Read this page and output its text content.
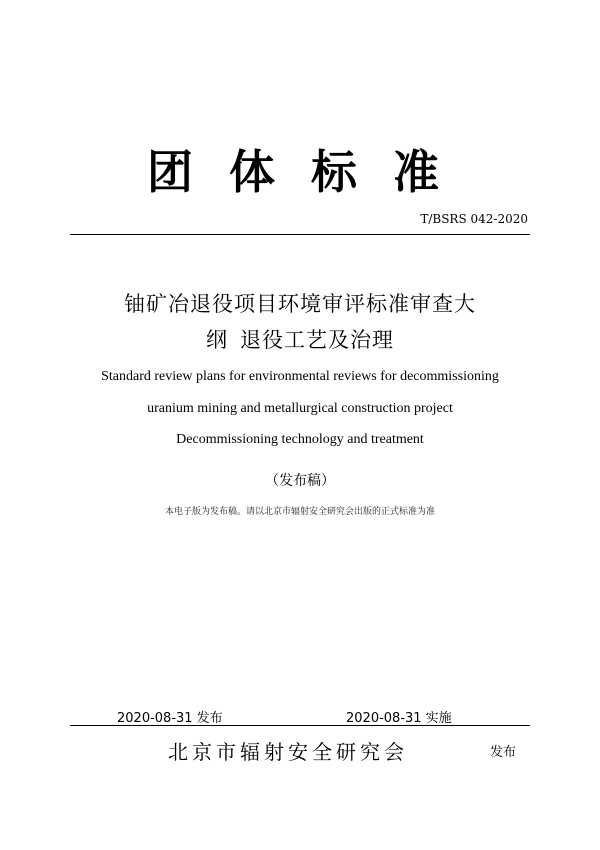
团体标准
T/BSRS 042-2020
铀矿冶退役项目环境审评标准审查大
纲 退役工艺及治理
Standard review plans for environmental reviews for decommissioning
uranium mining and metallurgical construction project
Decommissioning technology and treatment
（发布稿）
本电子版为发布稿。请以北京市辐射安全研究会出版的正式标准为准
2020-08-31 发布	2020-08-31 实施
北京市辐射安全研究会	发布
